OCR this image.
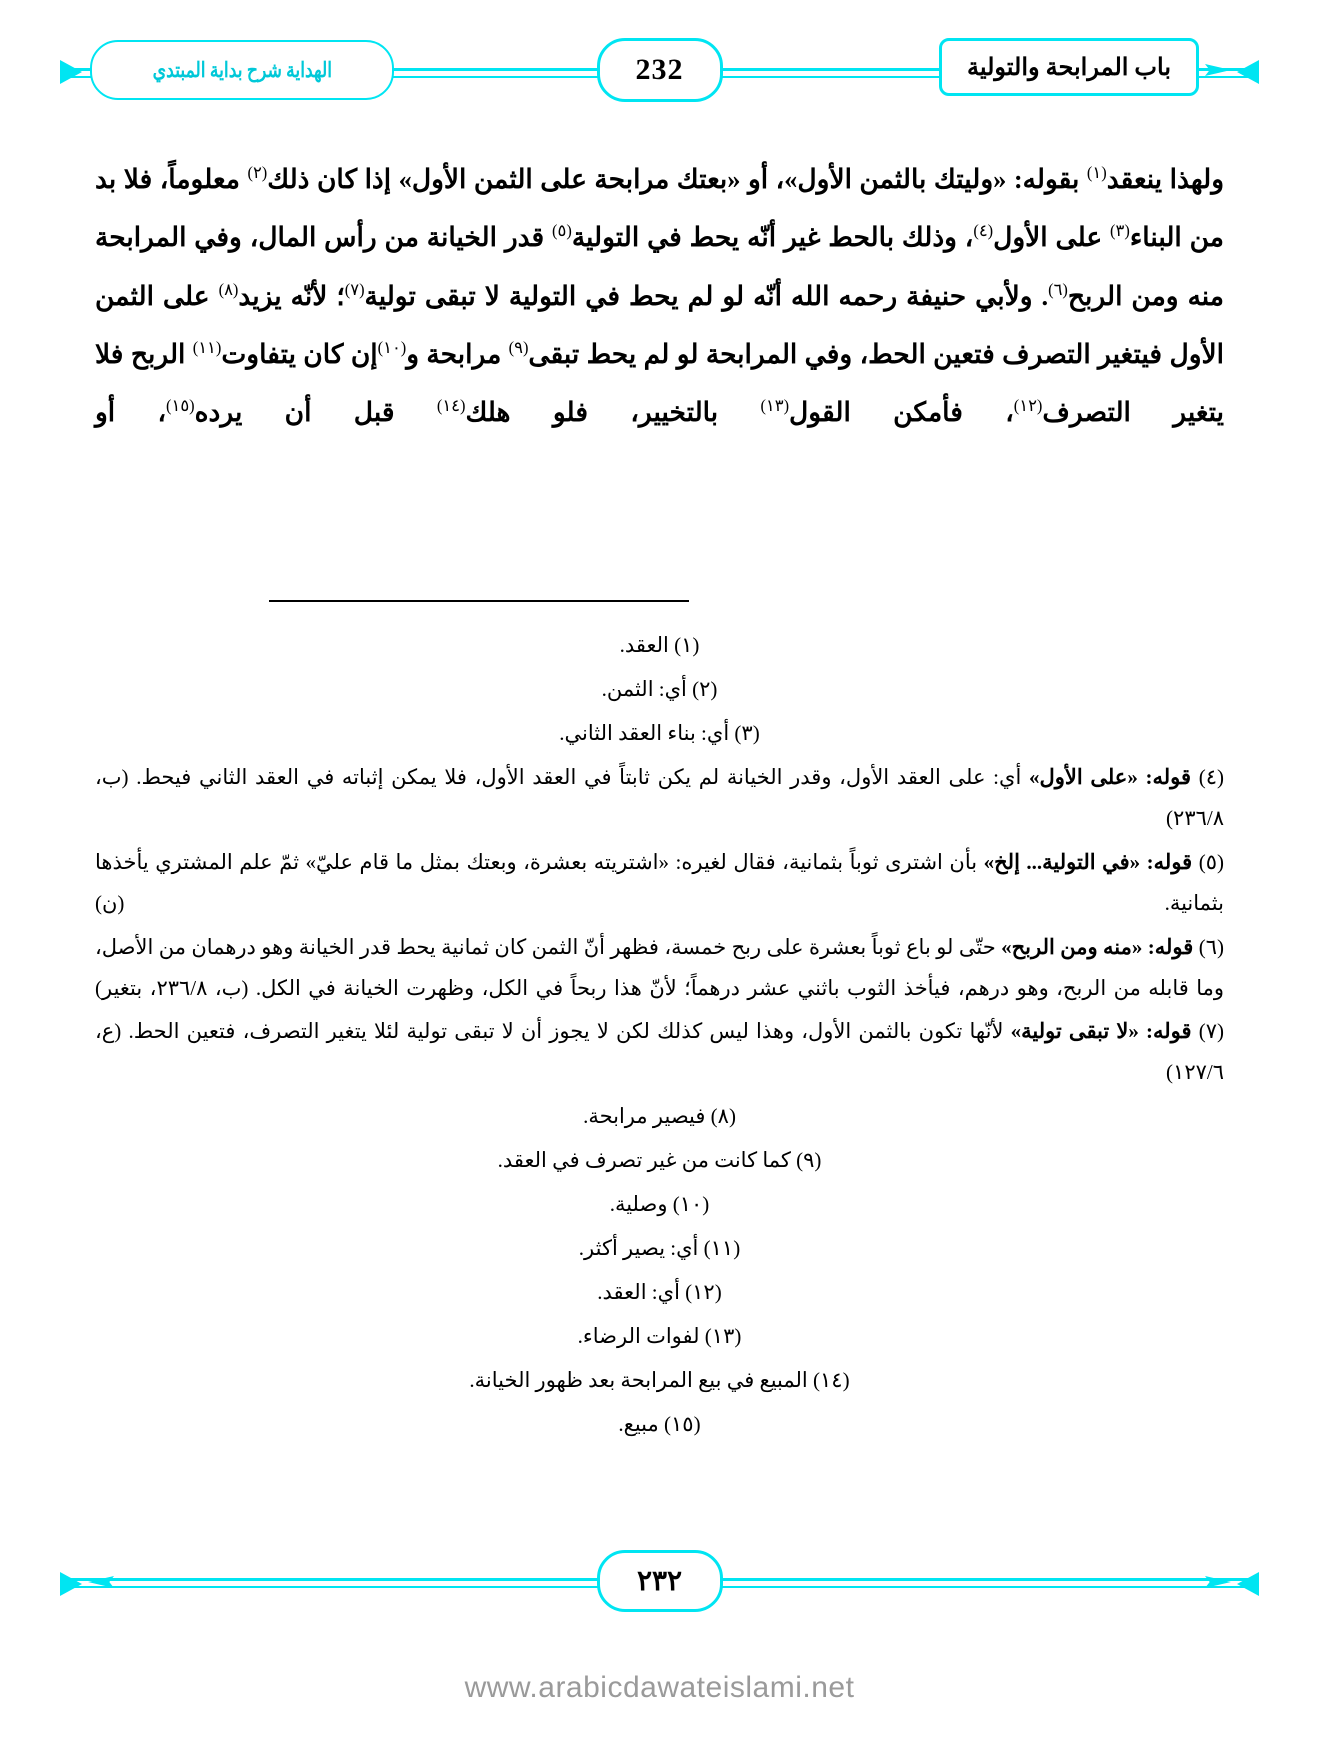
باب المرابحة والتولية
232
الهداية شرح بداية المبتدي

ولهذا ينعقد$^{(١)}$ بقوله: «وليتك بالثمن الأول»، أو «بعتك مرابحة على الثمن الأول» إذا كان ذلك$^{(٢)}$ معلوماً، فلا بد من البناء$^{(٣)}$ على الأول$^{(٤)}$، وذلك بالحط غير أنّه يحط في التولية$^{(٥)}$ قدر الخيانة من رأس المال، وفي المرابحة منه ومن الربح$^{(٦)}$. ولأبي حنيفة رحمه الله أنّه لو لم يحط في التولية لا تبقى تولية$^{(٧)}$؛ لأنّه يزيد$^{(٨)}$ على الثمن الأول فيتغير التصرف فتعين الحط، وفي المرابحة لو لم يحط تبقى$^{(٩)}$ مرابحة و$^{(١٠)}$إن كان يتفاوت$^{(١١)}$ الربح فلا يتغير التصرف$^{(١٢)}$، فأمكن القول$^{(١٣)}$ بالتخيير، فلو هلك$^{(١٤)}$ قبل أن يرده$^{(١٥)}$، أو

(١) العقد.

(٢) أي: الثمن.

(٣) أي: بناء العقد الثاني.

(٤) قوله: «على الأول» أي: على العقد الأول، وقدر الخيانة لم يكن ثابتاً في العقد الأول، فلا يمكن إثباته في العقد الثاني فيحط. (ب، ٢٣٦/٨)

(٥) قوله: «في التولية... إلخ» بأن اشترى ثوباً بثمانية، فقال لغيره: «اشتريته بعشرة، وبعتك بمثل ما قام عليّ» ثمّ علم المشتري يأخذها بثمانية. (ن)

(٦) قوله: «منه ومن الربح» حتّى لو باع ثوباً بعشرة على ربح خمسة، فظهر أنّ الثمن كان ثمانية يحط قدر الخيانة وهو درهمان من الأصل، وما قابله من الربح، وهو درهم، فيأخذ الثوب باثني عشر درهماً؛ لأنّ هذا ربحاً في الكل، وظهرت الخيانة في الكل. (ب، ٢٣٦/٨، بتغير)

(٧) قوله: «لا تبقى تولية» لأنّها تكون بالثمن الأول، وهذا ليس كذلك لكن لا يجوز أن لا تبقى تولية لئلا يتغير التصرف، فتعين الحط. (ع، ١٢٧/٦)

(٨) فيصير مرابحة.

(٩) كما كانت من غير تصرف في العقد.

(١٠) وصلية.

(١١) أي: يصير أكثر.

(١٢) أي: العقد.

(١٣) لفوات الرضاء.

(١٤) المبيع في بيع المرابحة بعد ظهور الخيانة.

(١٥) مبيع.

٢٣٢
www.arabicdawateislami.net
